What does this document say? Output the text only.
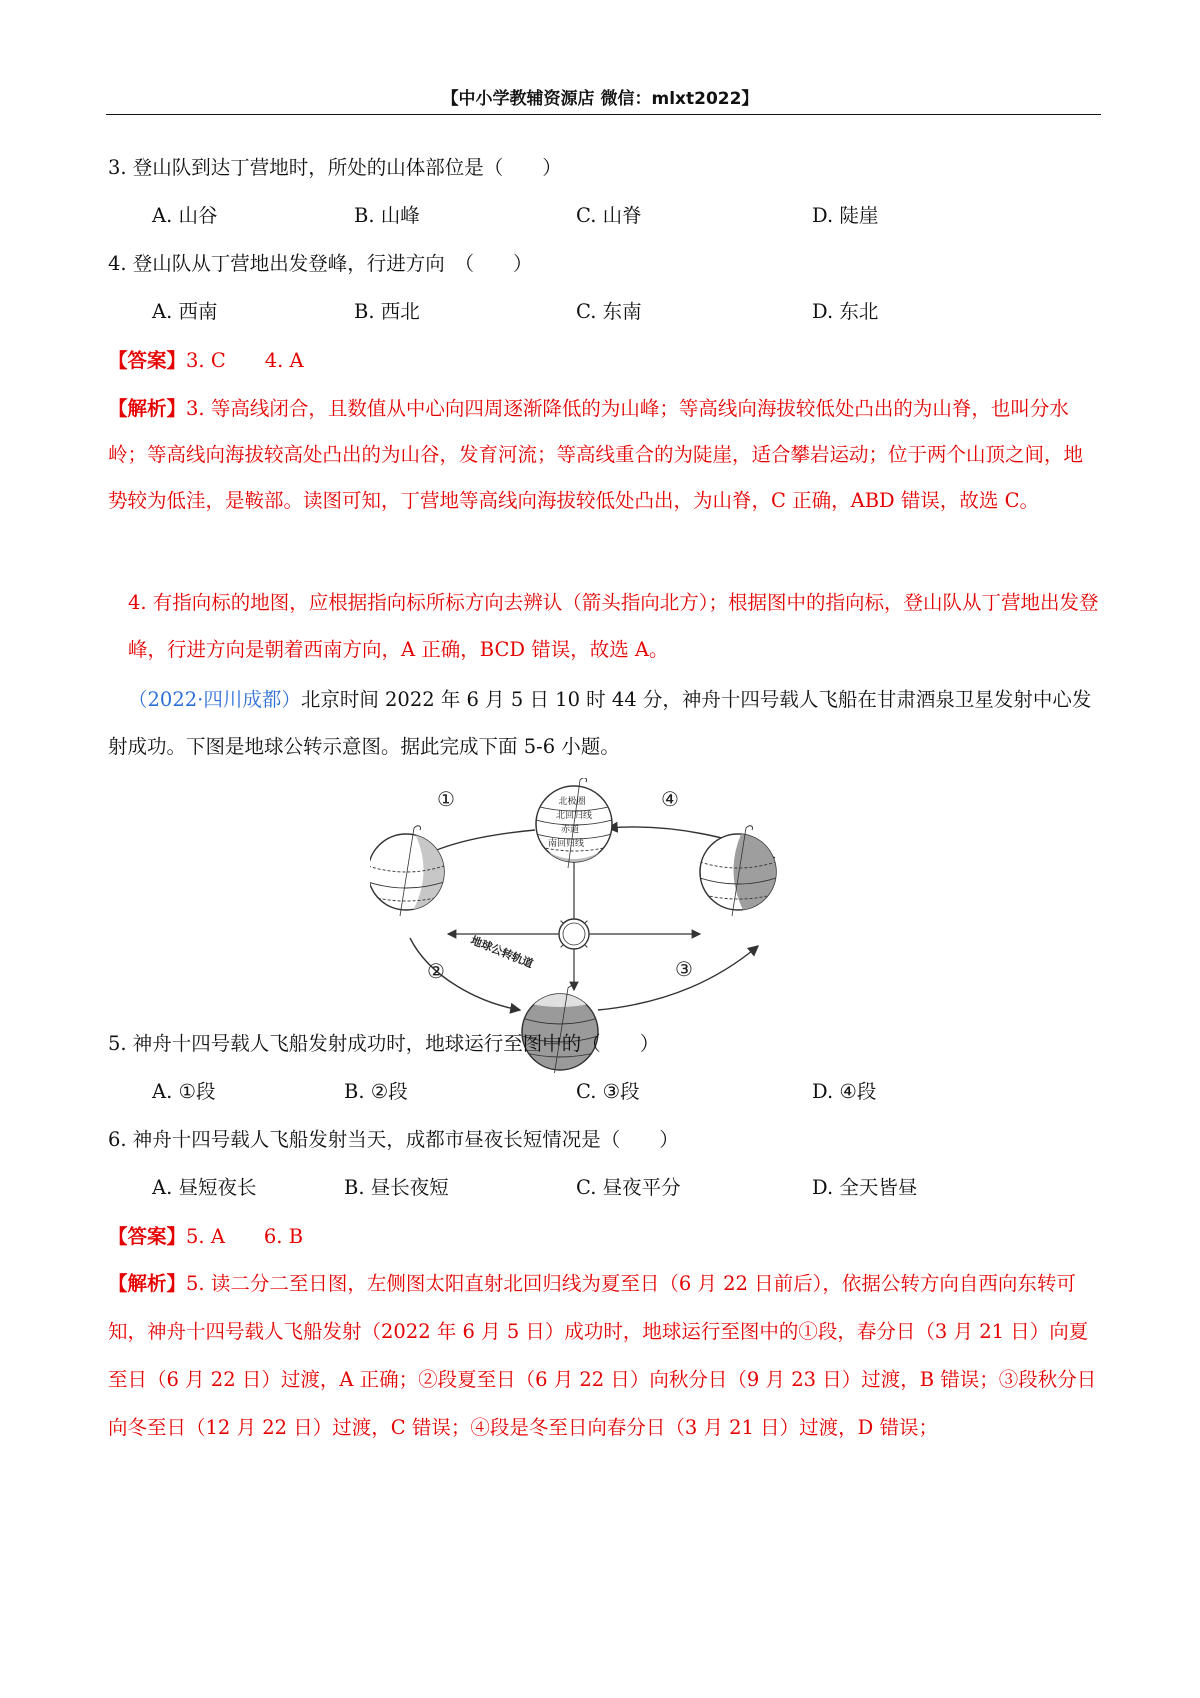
【中小学教辅资源店 微信：mlxt2022】
3. 登山队到达丁营地时，所处的山体部位是（　　）
A. 山谷	B. 山峰	C. 山脊	D. 陡崖
4. 登山队从丁营地出发登峰，行进方向　（　　）
A. 西南	B. 西北	C. 东南	D. 东北
【答案】3. C　　4. A
【解析】3. 等高线闭合，且数值从中心向四周逐渐降低的为山峰；等高线向海拔较低处凸出的为山脊，也叫分水岭；等高线向海拔较高处凸出的为山谷，发育河流；等高线重合的为陡崖，适合攀岩运动；位于两个山顶之间，地势较为低洼，是鞍部。读图可知，丁营地等高线向海拔较低处凸出，为山脊，C 正确，ABD 错误，故选 C。
4. 有指向标的地图，应根据指向标所标方向去辨认（箭头指向北方）；根据图中的指向标，登山队从丁营地出发登峰，行进方向是朝着西南方向，A 正确，BCD 错误，故选 A。
（2022·四川成都）北京时间 2022 年 6 月 5 日 10 时 44 分，神舟十四号载人飞船在甘肃酒泉卫星发射中心发射成功。下图是地球公转示意图。据此完成下面 5-6 小题。
北极圈
北回归线
赤道
南回归线
①
②	③
④
地球公转轨道
5. 神舟十四号载人飞船发射成功时，地球运行至图中的（　　）
A. ①段	B. ②段	C. ③段	D. ④段
6. 神舟十四号载人飞船发射当天，成都市昼夜长短情况是（　　）
A. 昼短夜长	B. 昼长夜短	C. 昼夜平分	D. 全天皆昼
【答案】5. A　　6. B
【解析】5. 读二分二至日图，左侧图太阳直射北回归线为夏至日（6 月 22 日前后），依据公转方向自西向东转可知，神舟十四号载人飞船发射（2022 年 6 月 5 日）成功时，地球运行至图中的①段，春分日（3 月 21 日）向夏至日（6 月 22 日）过渡，A 正确；②段夏至日（6 月 22 日）向秋分日（9 月 23 日）过渡，B 错误；③段秋分日向冬至日（12 月 22 日）过渡，C 错误；④段是冬至日向春分日（3 月 21 日）过渡，D 错误；
